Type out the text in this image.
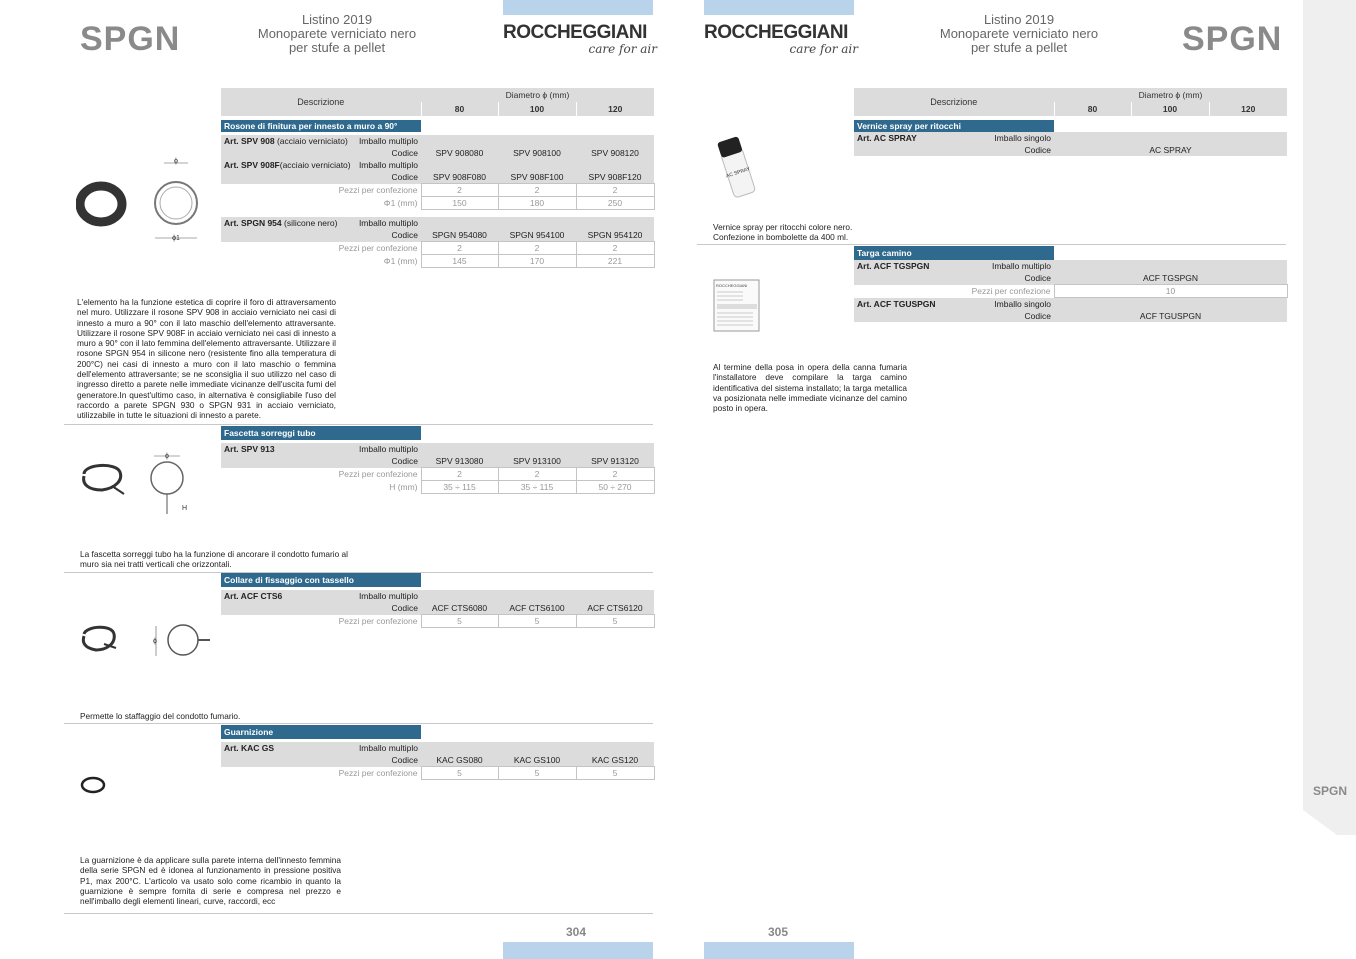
SPGN
Listino 2019
Monoparete verniciato nero
per stufe a pellet
ROCCHEGGIANI
care for air
Descrizione	Diametro ϕ (mm)		
	80	100	120

Rosone di finitura per innesto a muro a 90°			

Art. SPV 908 (acciaio verniciato) Imballo multiplo			

Codice	SPV 908080	SPV 908100	SPV 908120
Art. SPV 908F(acciaio verniciato) Imballo multiplo			

Codice	SPV 908F080	SPV 908F100	SPV 908F120
Pezzi per confezione	2	2	2
Φ1 (mm)	150	180	250

Art. SPGN 954 (silicone nero) Imballo multiplo			

Codice	SPGN 954080	SPGN 954100	SPGN 954120
Pezzi per confezione	2	2	2
Φ1 (mm)	145	170	221
ϕ
ϕ1
L'elemento ha la funzione estetica di coprire il foro di attraversamento nel muro. Utilizzare il rosone SPV 908 in acciaio verniciato nei casi di innesto a muro a 90° con il lato maschio dell'elemento attraversante. Utilizzare il rosone SPV 908F in acciaio verniciato nei casi di innesto a muro a 90° con il lato femmina dell'elemento attraversante. Utilizzare il rosone SPGN 954 in silicone nero (resistente fino alla temperatura di 200°C) nei casi di innesto a muro con il lato maschio o femmina dell'elemento attraversante; se ne sconsiglia il suo utilizzo nel caso di ingresso diretto a parete nelle immediate vicinanze dell'uscita fumi del generatore.In quest'ultimo caso, in alternativa è consigliabile l'uso del raccordo a parete SPGN 930 o SPGN 931 in acciaio verniciato, utilizzabile in tutte le situazioni di innesto a parete.
Fascetta sorreggi tubo			

Art. SPV 913 Imballo multiplo			

Codice	SPV 913080	SPV 913100	SPV 913120
Pezzi per confezione	2	2	2
H (mm)	35 ÷ 115	35 ÷ 115	50 ÷ 270
ϕ
H
La fascetta sorreggi tubo ha la funzione di ancorare il condotto fumario al muro sia nei tratti verticali che orizzontali.
Collare di fissaggio con tassello			

Art. ACF CTS6 Imballo multiplo			

Codice	ACF CTS6080	ACF CTS6100	ACF CTS6120
Pezzi per confezione	5	5	5
ϕ
Permette lo staffaggio del condotto fumario.
Guarnizione			

Art. KAC GS Imballo multiplo			

Codice	KAC GS080	KAC GS100	KAC GS120
Pezzi per confezione	5	5	5
La guarnizione è da applicare sulla parete interna dell'innesto femmina della serie SPGN ed è idonea al funzionamento in pressione positiva P1, max 200°C. L'articolo va usato solo come ricambio in quanto la guarnizione è sempre fornita di serie e compresa nel prezzo e nell'imballo degli elementi lineari, curve, raccordi, ecc
304
ROCCHEGGIANI
care for air
Listino 2019
Monoparete verniciato nero
per stufe a pellet	SPGN
Descrizione	Diametro ϕ (mm)		
	80	100	120

Vernice spray per ritocchi			
Art. AC SPRAY Imballo singolo			

Codice	AC SPRAY		
AC SPRAY
Vernice spray per ritocchi colore nero. Confezione in bombolette da 400 ml.
Targa camino	
Art. ACF TGSPGN Imballo multiplo	

Codice	ACF TGSPGN
Pezzi per confezione	10
Art. ACF TGUSPGN Imballo singolo	

Codice	ACF TGUSPGN
ROCCHEGGIANI
Al termine della posa in opera della canna fumaria l'installatore deve compilare la targa camino identificativa del sistema installato; la targa metallica va posizionata nelle immediate vicinanze del camino posto in opera.
305
SPGN
